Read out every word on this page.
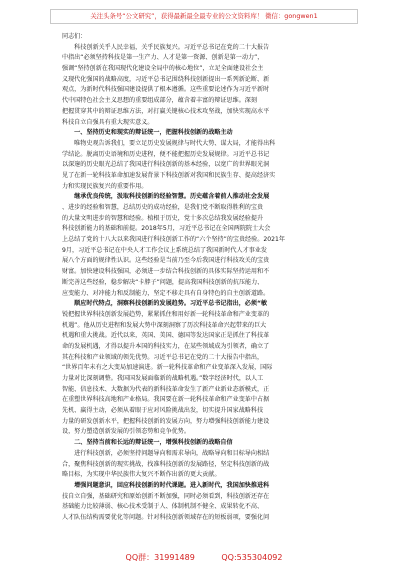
关注头条号“公文研究”，获得最新最全最专业的公文资料库！ 微信：gongwen1
同志们：
　　科技创新关乎人民幸福，关乎民族复兴。习近平总书记在党的二十大报告
中指出“必须坚持科技是第一生产力、人才是第一资源、创新是第一动力”，
强调“坚持创新在我国现代化建设全局中的核心地位”，立足全面建设社会主
义现代化强国的战略高度，习近平总书记围绕科技创新提出一系列新论断、新
观点，为新时代科技强国建设提供了根本遵循。这些重要论述作为习近平新时
代中国特色社会主义思想的重要组成部分，蕴含着丰富的辩证思维。深刻
把握贯穿其中的辩证思维方法，对打赢关键核心技术攻坚战，加快实现高水平
科技自立自强具有重大现实意义。
　　一、坚持历史和现实的辩证统一，把握科技创新的战略主动
　　唯物史观告诉我们，要立足历史发展规律与时代大势、谋大局，才能得出科
学结论。脱离历史语境和历史进程，便不能把握历史发展规律。习近平总书记
以深邃的历史眼光总结了我国进行科技创新的基本经验，以宽广的世界眼光洞
见了在新一轮科技革命加速发展背景下科技创新对我国和民族生存、提高经济实
力和实现民族复兴的重要作用。
　　继承优良传统，汲取科技创新的经验智慧。历史蕴含着前人推动社会发展
、进步的经验和智慧，总结历史的成功经验，是我们党不断取得胜利的宝贵
的大量文明进步的智慧和经验。植根于历史，党十多次总结我发展经验提升
科技创新能力的基础和前提。2018年5月，习近平总书记在全国两院院士大会
上总结了党的十八大以来我国进行科技创新工作的“六个坚持”的宝贵经验。2021年
9月，习近平总书记在中央人才工作会议上系统总结了我国新时代人才事业发
展八个方面的规律性认识。这些经验是当前乃至今后我国进行科技攻关的宝贵
财富。加快建设科技强国，必须进一步结合科技创新的具体实际坚持运用和不
断完善这些经验，稳步解决“卡脖子”问题，提高我国科技创新的抗压能力、
应变能力、对冲能力和反制能力，坚定不移走具有自身特色的自主创新道路。
　　顺应时代特点，洞察科技创新的发展趋势。习近平总书记指出，必须“敏
锐把握世界科技创新发展趋势，紧紧抓住和用好新一轮科技革命和产业变革的
机遇”。他从历史进程和发展大势中深刻洞察了历次科技革命兴起带来的巨大
机遇和重大挑战。近代以来，英国、美国、德国等发达国家正是抓住了科技革
命的发展机遇，才得以提升本国的科技实力，在某些领域成为引领者，确立了
其在科技和产业领域的领先优势。习近平总书记在党的二十大报告中指出，
“世界百年未有之大变局加速演进。新一轮科技革命和产业变革深入发展，国际
力量对比深刻调整。我国国发展面临新的战略机遇。”数字经济时代，以人工
智能、信息技术、大数据为代表的新科技革命发生了新产业新业态新模式，正
在重塑世界科技高地和产业格局。我国要在新一轮科技革命和产业变革中占据
先机、赢得主动，必须从着眼于应对风险挑战出发，切实提升国家战略科技
力量的研发创新水平，把握科技创新的发展方向，努力增强科技创新能力建设
设，努力塑造创新发展的引领态势和竞争优势。
　　二、坚持当前和长远的辩证统一，增强科技创新的战略自信
　　进行科技创新，必须坚持问题导向和需求导向，战略导向和目标导向相结
合，聚焦科技创新的现实挑战，找准科技创新的发展路径，坚定科技创新的战
略目标，为实现中华民族伟大复兴不断作出新的更大贡献。
　　增强问题意识，回应科技创新的时代课题。进入新时代，我国加快推进科
技自立自强，基础研究和原始创新不断加强，同时必须看到，科技创新还存在
基础能力比较薄弱、核心技术受制于人、体制机制不健全、成果转化不高、
人才队伍结构需要优化等问题。针对科技创新领域存在的短板弱项，要强化问
QQ群：31991489	QQ:535304092
